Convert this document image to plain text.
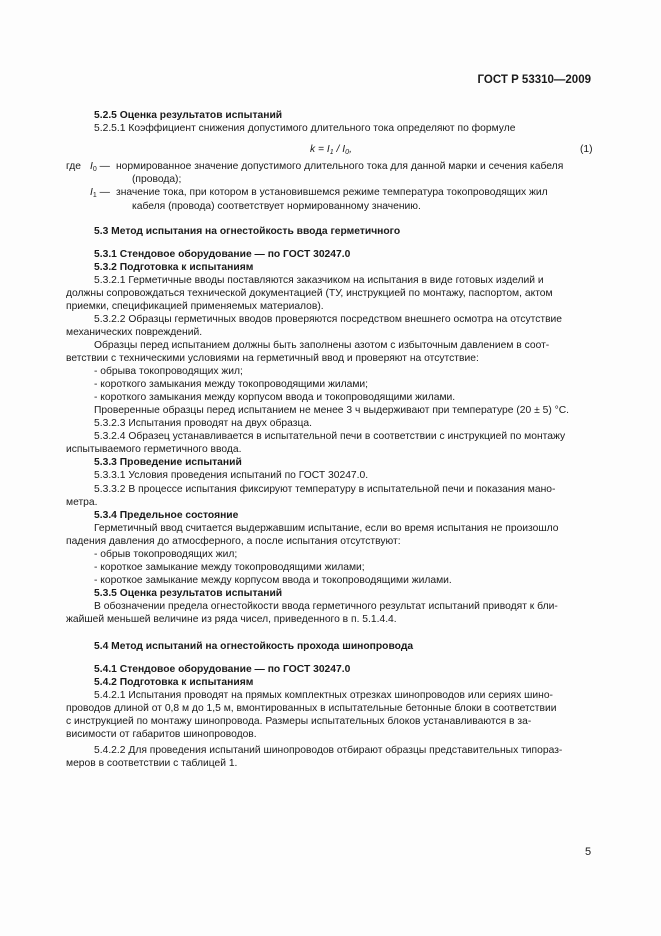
ГОСТ Р 53310—2009
5.2.5 Оценка результатов испытаний
5.2.5.1 Коэффициент снижения допустимого длительного тока определяют по формуле
где	нормированное значение допустимого длительного тока для данной марки и сечения кабеля
(провода);
значение тока, при котором в установившемся режиме температура токопроводящих жил
кабеля (провода) соответствует нормированному значению.
5.3 Метод испытания на огнестойкость ввода герметичного
5.3.1 Стендовое оборудование — по ГОСТ 30247.0
5.3.2 Подготовка к испытаниям
5.3.2.1 Герметичные вводы поставляются заказчиком на испытания в виде готовых изделий и
должны сопровождаться технической документацией (ТУ, инструкцией по монтажу, паспортом, актом
приемки, спецификацией применяемых материалов).
5.3.2.2 Образцы герметичных вводов проверяются посредством внешнего осмотра на отсутствие
механических повреждений.
Образцы перед испытанием должны быть заполнены азотом с избыточным давлением в соот-
ветствии с техническими условиями на герметичный ввод и проверяют на отсутствие:
- обрыва токопроводящих жил;
- короткого замыкания между токопроводящими жилами;
- короткого замыкания между корпусом ввода и токопроводящими жилами.
Проверенные образцы перед испытанием не менее 3 ч выдерживают при температуре (20 ± 5) °С.
5.3.2.3 Испытания проводят на двух образца.
5.3.2.4 Образец устанавливается в испытательной печи в соответствии с инструкцией по монтажу
испытываемого герметичного ввода.
5.3.3 Проведение испытаний
5.3.3.1 Условия проведения испытаний по ГОСТ 30247.0.
5.3.3.2 В процессе испытания фиксируют температуру в испытательной печи и показания мано-
метра.
5.3.4 Предельное состояние
Герметичный ввод считается выдержавшим испытание, если во время испытания не произошло
падения давления до атмосферного, а после испытания отсутствуют:
- обрыв токопроводящих жил;
- короткое замыкание между токопроводящими жилами;
- короткое замыкание между корпусом ввода и токопроводящими жилами.
5.3.5 Оценка результатов испытаний
В обозначении предела огнестойкости ввода герметичного результат испытаний приводят к бли-
жайшей меньшей величине из ряда чисел, приведенного в п. 5.1.4.4.
5.4 Метод испытаний на огнестойкость прохода шинопровода
5.4.1 Стендовое оборудование — по ГОСТ 30247.0
5.4.2 Подготовка к испытаниям
5.4.2.1 Испытания проводят на прямых комплектных отрезках шинопроводов или сериях шино-
проводов длиной от 0,8 м до 1,5 м, вмонтированных в испытательные бетонные блоки в соответствии
с инструкцией по монтажу шинопровода. Размеры испытательных блоков устанавливаются в за-
висимости от габаритов шинопроводов.
5.4.2.2 Для проведения испытаний шинопроводов отбирают образцы представительных типораз-
меров в соответствии с таблицей 1.
$k = I_1 / I_0$,	(1)
$I_0$ —
$I_1$ —
5
